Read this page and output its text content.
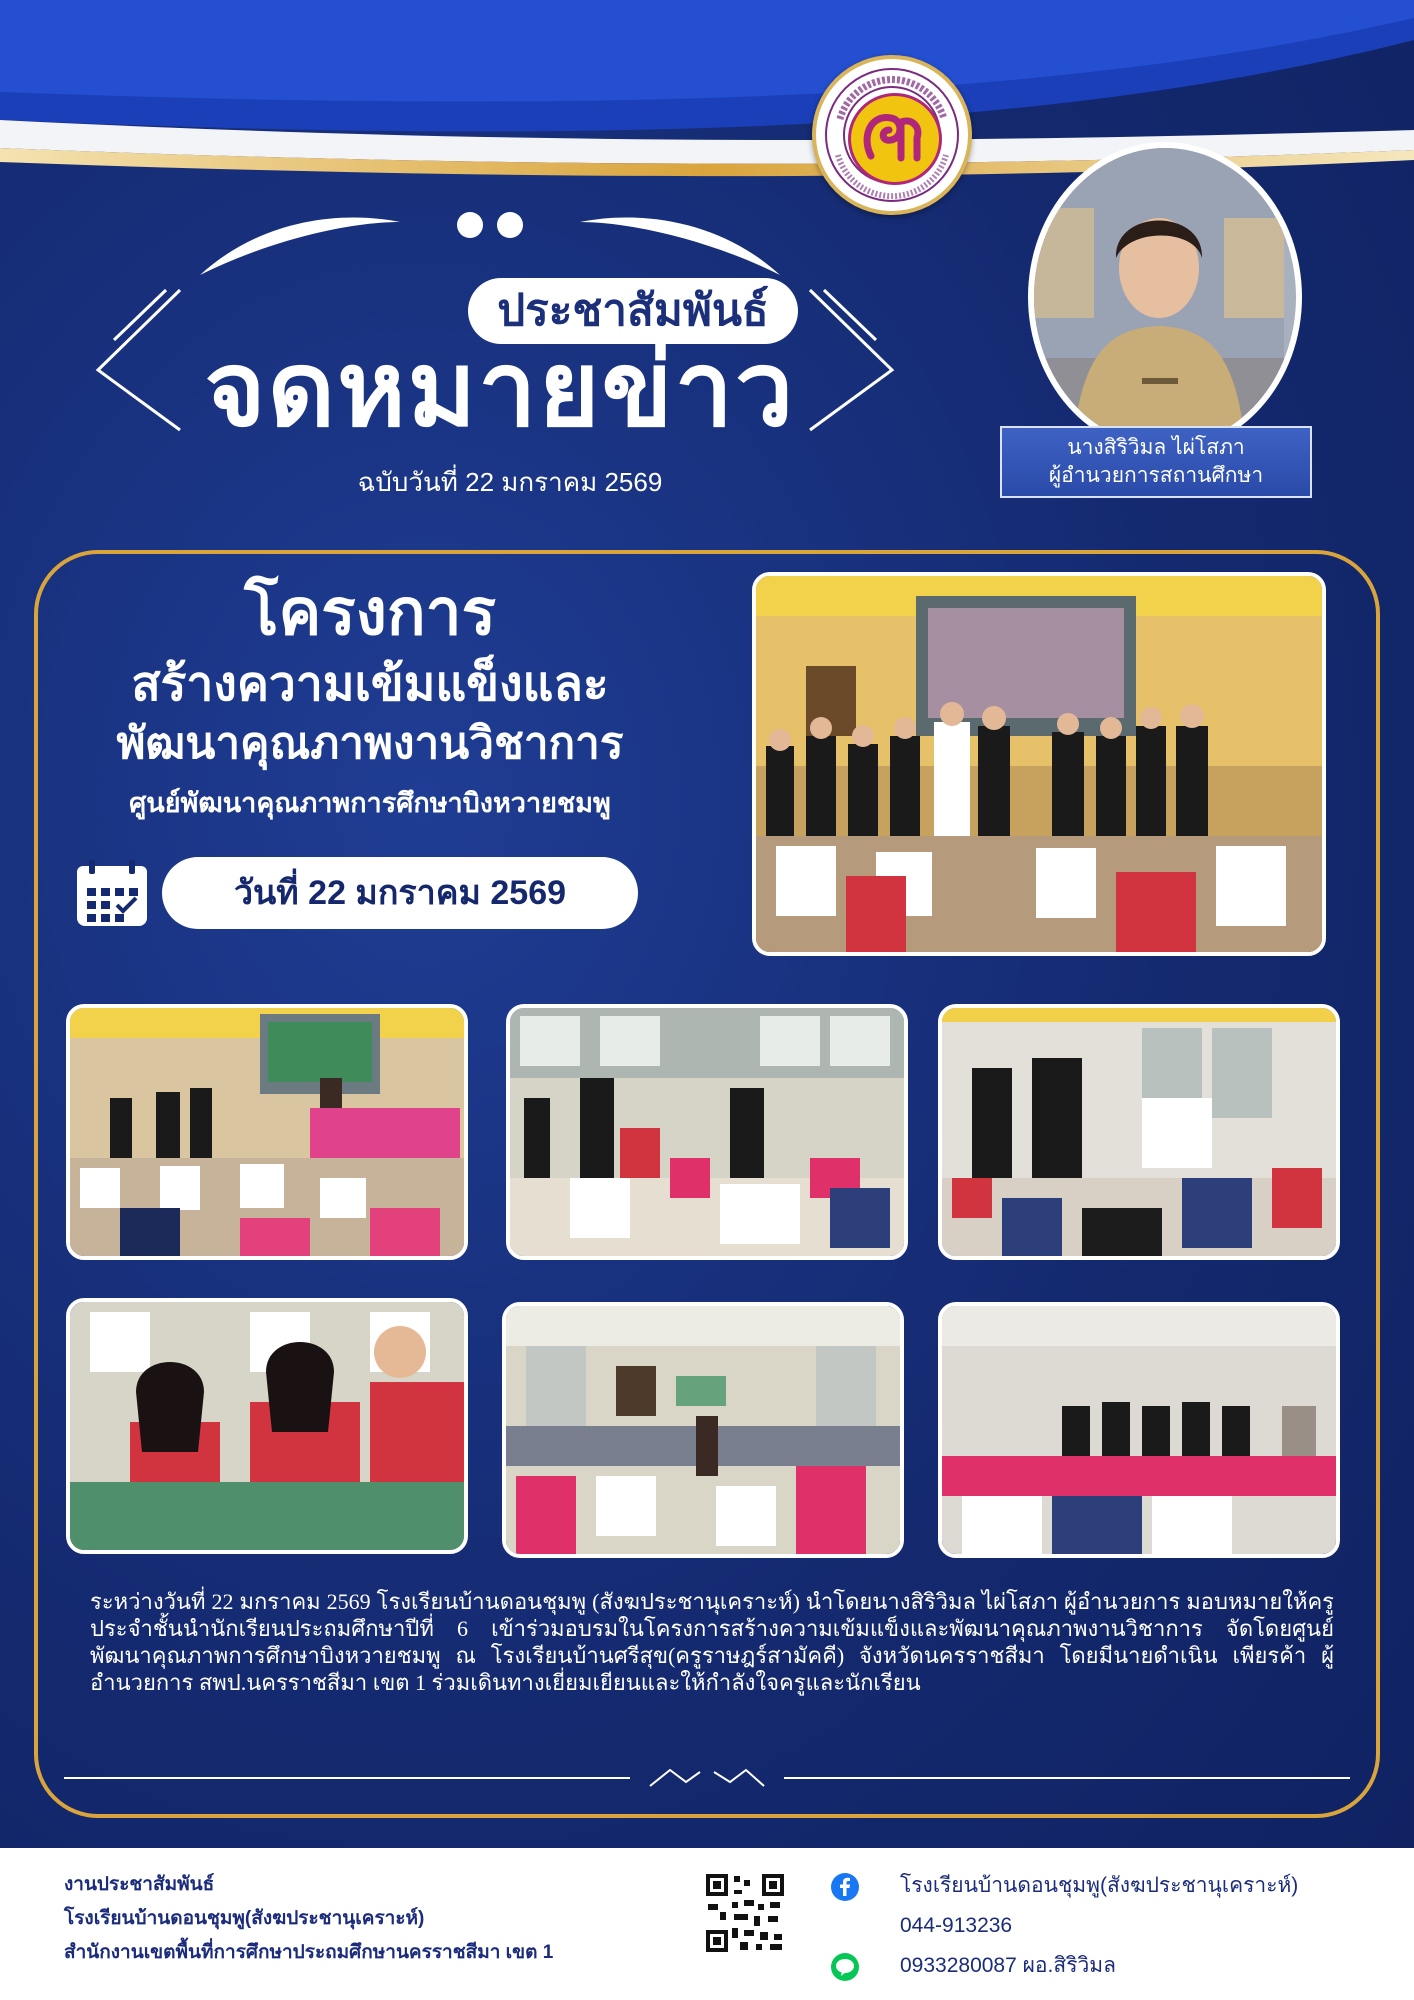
ประชาสัมพันธ์
จดหมายข่าว
ฉบับวันที่ 22 มกราคม 2569
นางสิริวิมล ไผ่โสภา
ผู้อำนวยการสถานศึกษา
โครงการ
สร้างความเข้มแข็งและ
พัฒนาคุณภาพงานวิชาการ
ศูนย์พัฒนาคุณภาพการศึกษาบิงหวายชมพู
วันที่ 22 มกราคม 2569
ระหว่างวันที่ 22 มกราคม 2569 โรงเรียนบ้านดอนชุมพู (สังฆประชานุเคราะห์) นำโดยนางสิริวิมล ไผ่โสภา ผู้อำนวยการ มอบหมายให้ครูประจำชั้นนำนักเรียนประถมศึกษาปีที่ 6 เข้าร่วมอบรมในโครงการสร้างความเข้มแข็งและพัฒนาคุณภาพงานวิชาการ จัดโดยศูนย์พัฒนาคุณภาพการศึกษาบิงหวายชมพู ณ โรงเรียนบ้านศรีสุข(ครูราษฎร์สามัคคี) จังหวัดนครราชสีมา โดยมีนายดำเนิน เพียรค้า ผู้อำนวยการ สพป.นครราชสีมา เขต 1 ร่วมเดินทางเยี่ยมเยียนและให้กำลังใจครูและนักเรียน
งานประชาสัมพันธ์
โรงเรียนบ้านดอนชุมพู(สังฆประชานุเคราะห์)
สำนักงานเขตพื้นที่การศึกษาประถมศึกษานครราชสีมา เขต 1
โรงเรียนบ้านดอนชุมพู(สังฆประชานุเคราะห์)
044-913236
0933280087 ผอ.สิริวิมล
